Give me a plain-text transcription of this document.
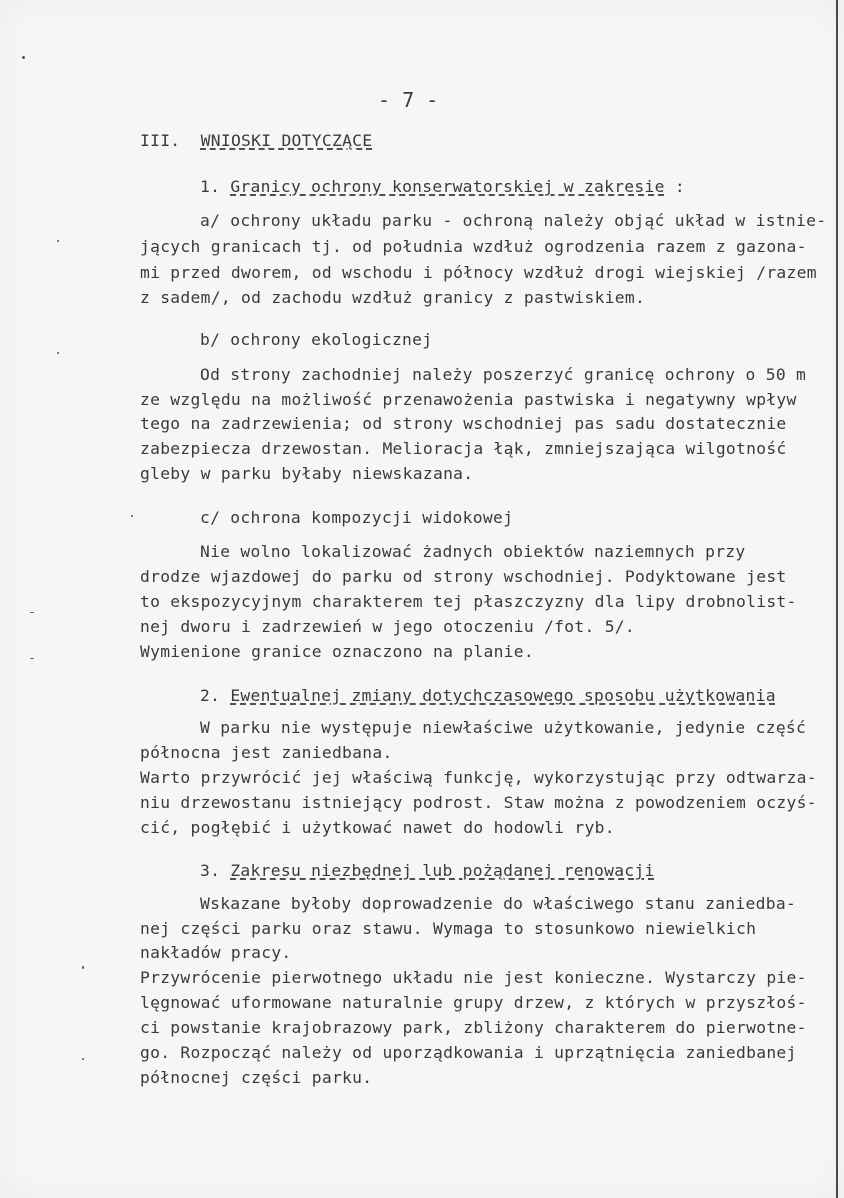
- 7 -
III. WNIOSKI DOTYCZĄCE
1. Granicy ochrony konserwatorskiej w zakresie :
a/ ochrony układu parku - ochroną należy objąć układ w istnie-
jących granicach tj. od południa wzdłuż ogrodzenia razem z gazona-
mi przed dworem, od wschodu i północy wzdłuż drogi wiejskiej /razem
z sadem/, od zachodu wzdłuż granicy z pastwiskiem.
b/ ochrony ekologicznej
Od strony zachodniej należy poszerzyć granicę ochrony o 50 m
ze względu na możliwość przenawożenia pastwiska i negatywny wpływ
tego na zadrzewienia; od strony wschodniej pas sadu dostatecznie
zabezpiecza drzewostan. Melioracja łąk, zmniejszająca wilgotność
gleby w parku byłaby niewskazana.
c/ ochrona kompozycji widokowej
Nie wolno lokalizować żadnych obiektów naziemnych przy
drodze wjazdowej do parku od strony wschodniej. Podyktowane jest
to ekspozycyjnym charakterem tej płaszczyzny dla lipy drobnolist-
nej dworu i zadrzewień w jego otoczeniu /fot. 5/.
Wymienione granice oznaczono na planie.
2. Ewentualnej zmiany dotychczasowego sposobu użytkowania
W parku nie występuje niewłaściwe użytkowanie, jedynie część
północna jest zaniedbana.
Warto przywrócić jej właściwą funkcję, wykorzystując przy odtwarza-
niu drzewostanu istniejący podrost. Staw można z powodzeniem oczyś-
cić, pogłębić i użytkować nawet do hodowli ryb.
3. Zakresu niezbędnej lub pożądanej renowacji
Wskazane byłoby doprowadzenie do właściwego stanu zaniedba-
nej części parku oraz stawu. Wymaga to stosunkowo niewielkich
nakładów pracy.
Przywrócenie pierwotnego układu nie jest konieczne. Wystarczy pie-
lęgnować uformowane naturalnie grupy drzew, z których w przyszłoś-
ci powstanie krajobrazowy park, zbliżony charakterem do pierwotne-
go. Rozpocząć należy od uporządkowania i uprzątnięcia zaniedbanej
północnej części parku.
